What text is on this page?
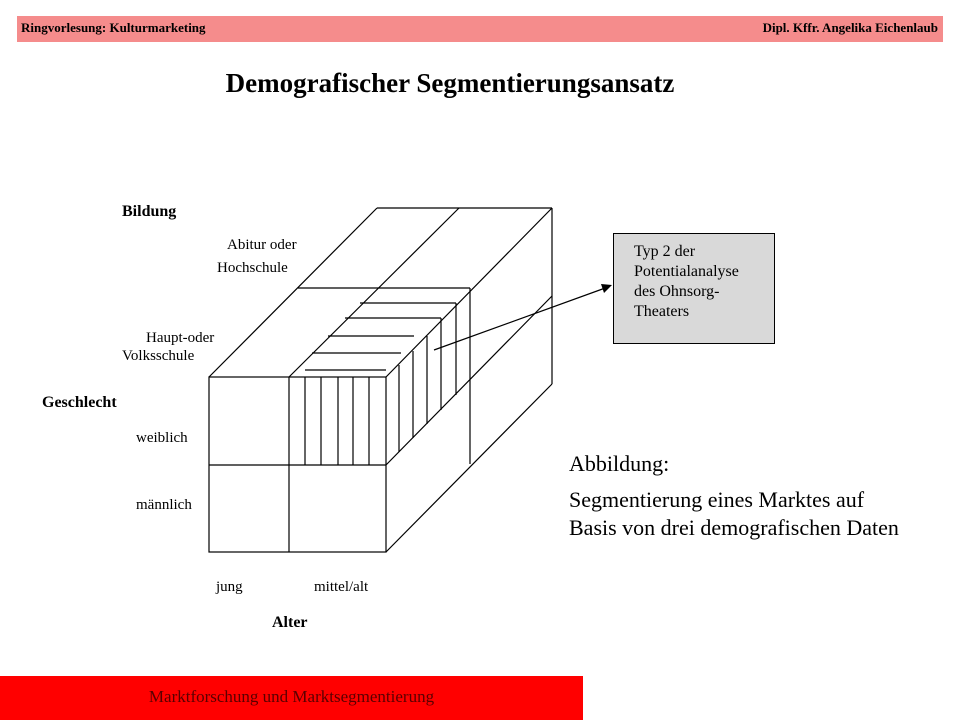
Ringvorlesung: Kulturmarketing	Dipl. Kffr. Angelika Eichenlaub
Demografischer Segmentierungsansatz
Bildung
Abitur oder
Hochschule
Haupt-oder
Volksschule
Geschlecht
weiblich
männlich
jung	mittel/alt
Alter
Typ 2 der
Potentialanalyse
des Ohnsorg-
Theaters
Abbildung:
Segmentierung eines Marktes auf Basis von drei demografischen Daten
Marktforschung und Marktsegmentierung
